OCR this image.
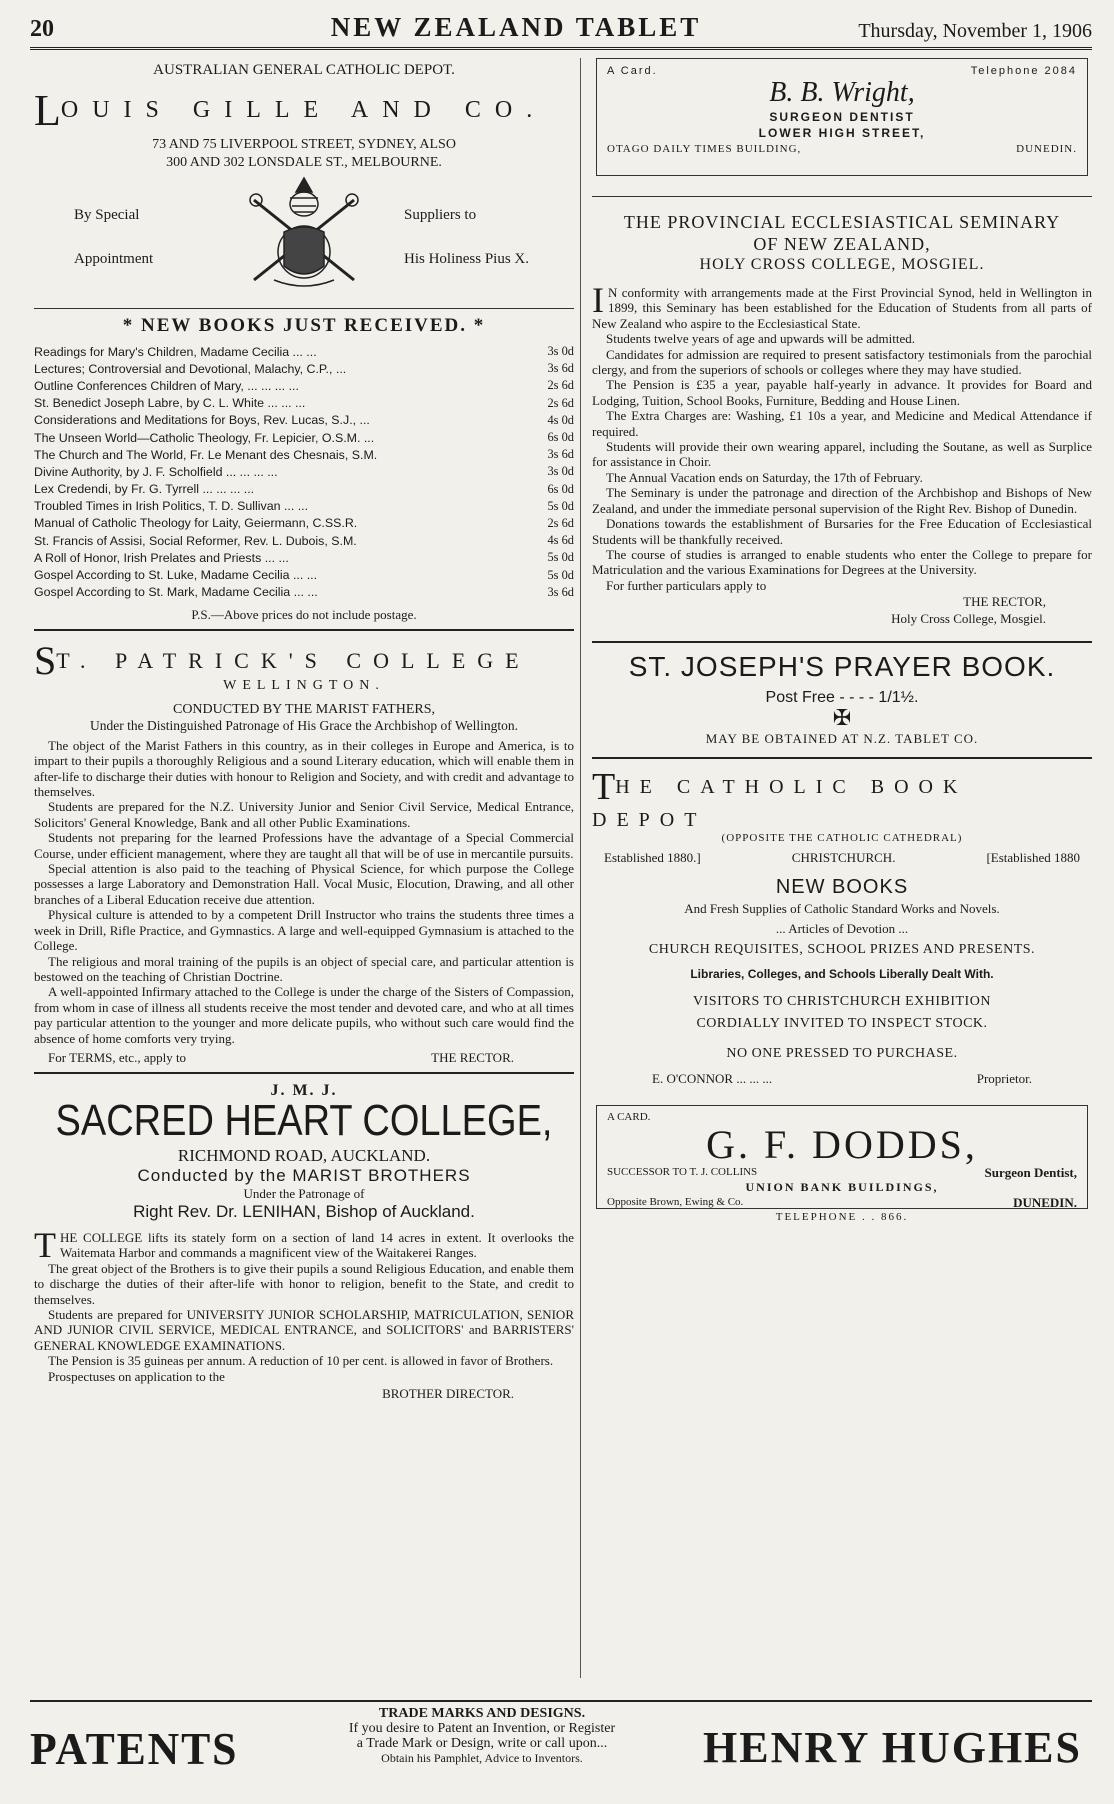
20	NEW ZEALAND TABLET	Thursday, November 1, 1906
AUSTRALIAN GENERAL CATHOLIC DEPOT.
LOUIS GILLE AND CO.
73 AND 75 LIVERPOOL STREET, SYDNEY, ALSO
300 AND 302 LONSDALE ST., MELBOURNE.
By Special
Appointment
Suppliers to
His Holiness Pius X.
* NEW BOOKS JUST RECEIVED. *
Readings for Mary's Children, Madame Cecilia ... ...	3s 0d
Lectures; Controversial and Devotional, Malachy, C.P., ...	3s 6d
Outline Conferences Children of Mary, ... ... ... ...	2s 6d
St. Benedict Joseph Labre, by C. L. White ... ... ...	2s 6d
Considerations and Meditations for Boys, Rev. Lucas, S.J., ...	4s 0d
The Unseen World—Catholic Theology, Fr. Lepicier, O.S.M. ...	6s 0d
The Church and The World, Fr. Le Menant des Chesnais, S.M.	3s 6d
Divine Authority, by J. F. Scholfield ... ... ... ...	3s 0d
Lex Credendi, by Fr. G. Tyrrell ... ... ... ...	6s 0d
Troubled Times in Irish Politics, T. D. Sullivan ... ...	5s 0d
Manual of Catholic Theology for Laity, Geiermann, C.SS.R.	2s 6d
St. Francis of Assisi, Social Reformer, Rev. L. Dubois, S.M.	4s 6d
A Roll of Honor, Irish Prelates and Priests ... ...	5s 0d
Gospel According to St. Luke, Madame Cecilia ... ...	5s 0d
Gospel According to St. Mark, Madame Cecilia ... ...	3s 6d
P.S.—Above prices do not include postage.
ST. PATRICK'S COLLEGE
WELLINGTON.
CONDUCTED BY THE MARIST FATHERS,
Under the Distinguished Patronage of His Grace the Archbishop of Wellington.

The object of the Marist Fathers in this country, as in their colleges in Europe and America, is to impart to their pupils a thoroughly Religious and a sound Literary education, which will enable them in after-life to discharge their duties with honour to Religion and Society, and with credit and advantage to themselves.

Students are prepared for the N.Z. University Junior and Senior Civil Service, Medical Entrance, Solicitors' General Knowledge, Bank and all other Public Examinations.

Students not preparing for the learned Professions have the advantage of a Special Commercial Course, under efficient management, where they are taught all that will be of use in mercantile pursuits.

Special attention is also paid to the teaching of Physical Science, for which purpose the College possesses a large Laboratory and Demonstration Hall. Vocal Music, Elocution, Drawing, and all other branches of a Liberal Education receive due attention.

Physical culture is attended to by a competent Drill Instructor who trains the students three times a week in Drill, Rifle Practice, and Gymnastics. A large and well-equipped Gymnasium is attached to the College.

The religious and moral training of the pupils is an object of special care, and particular attention is bestowed on the teaching of Christian Doctrine.

A well-appointed Infirmary attached to the College is under the charge of the Sisters of Compassion, from whom in case of illness all students receive the most tender and devoted care, and who at all times pay particular attention to the younger and more delicate pupils, who without such care would find the absence of home comforts very trying.

For TERMS, etc., apply to	THE RECTOR.
J. M. J.
SACRED HEART COLLEGE,
RICHMOND ROAD, AUCKLAND.
Conducted by the MARIST BROTHERS
Under the Patronage of
Right Rev. Dr. LENIHAN, Bishop of Auckland.

THE COLLEGE lifts its stately form on a section of land 14 acres in extent. It overlooks the Waitemata Harbor and commands a magnificent view of the Waitakerei Ranges.

The great object of the Brothers is to give their pupils a sound Religious Education, and enable them to discharge the duties of their after-life with honor to religion, benefit to the State, and credit to themselves.

Students are prepared for UNIVERSITY JUNIOR SCHOLARSHIP, MATRICULATION, SENIOR AND JUNIOR CIVIL SERVICE, MEDICAL ENTRANCE, and SOLICITORS' and BARRISTERS' GENERAL KNOWLEDGE EXAMINATIONS.

The Pension is 35 guineas per annum. A reduction of 10 per cent. is allowed in favor of Brothers.

Prospectuses on application to the

BROTHER DIRECTOR.
A Card.	Telephone 2084
B. B. Wright,
SURGEON DENTIST
LOWER HIGH STREET,
OTAGO DAILY TIMES BUILDING,	DUNEDIN.
THE PROVINCIAL ECCLESIASTICAL SEMINARY
OF NEW ZEALAND,
HOLY CROSS COLLEGE, MOSGIEL.

I N conformity with arrangements made at the First Provincial Synod, held in Wellington in 1899, this Seminary has been established for the Education of Students from all parts of New Zealand who aspire to the Ecclesiastical State.

Students twelve years of age and upwards will be admitted.

Candidates for admission are required to present satisfactory testimonials from the parochial clergy, and from the superiors of schools or colleges where they may have studied.

The Pension is £35 a year, payable half-yearly in advance. It provides for Board and Lodging, Tuition, School Books, Furniture, Bedding and House Linen.

The Extra Charges are: Washing, £1 10s a year, and Medicine and Medical Attendance if required.

Students will provide their own wearing apparel, including the Soutane, as well as Surplice for assistance in Choir.

The Annual Vacation ends on Saturday, the 17th of February.

The Seminary is under the patronage and direction of the Archbishop and Bishops of New Zealand, and under the immediate personal supervision of the Right Rev. Bishop of Dunedin.

Donations towards the establishment of Bursaries for the Free Education of Ecclesiastical Students will be thankfully received.

The course of studies is arranged to enable students who enter the College to prepare for Matriculation and the various Examinations for Degrees at the University.

For further particulars apply to

THE RECTOR,
Holy Cross College, Mosgiel.
ST. JOSEPH'S PRAYER BOOK.
Post Free - - - - 1/1½.
✠
MAY BE OBTAINED AT N.Z. TABLET CO.
THE CATHOLIC BOOK DEPOT
(OPPOSITE THE CATHOLIC CATHEDRAL)
Established 1880.]	CHRISTCHURCH.	[Established 1880
NEW BOOKS
And Fresh Supplies of Catholic Standard Works and Novels.
... Articles of Devotion ...
CHURCH REQUISITES, SCHOOL PRIZES AND PRESENTS.
Libraries, Colleges, and Schools Liberally Dealt With.
VISITORS TO CHRISTCHURCH EXHIBITION
CORDIALLY INVITED TO INSPECT STOCK.
NO ONE PRESSED TO PURCHASE.
E. O'CONNOR ... ... ...	Proprietor.
A CARD.
G. F. DODDS,
SUCCESSOR TO T. J. COLLINS	Surgeon Dentist,
UNION BANK BUILDINGS,
Opposite Brown, Ewing & Co.	DUNEDIN.
TELEPHONE . . 866.
PATENTS
TRADE MARKS AND DESIGNS.
If you desire to Patent an Invention, or Register
a Trade Mark or Design, write or call upon...
Obtain his Pamphlet, Advice to Inventors.	HENRY HUGHES
